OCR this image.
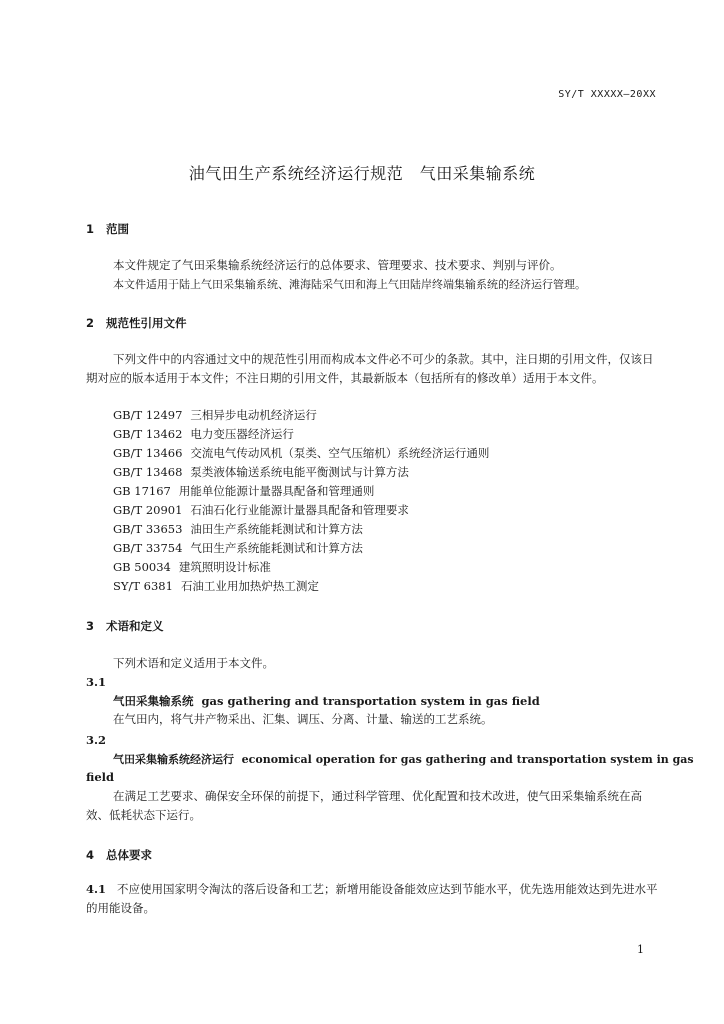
SY/T XXXXX—20XX
油气田生产系统经济运行规范　气田采集输系统
1 范围
本文件规定了气田采集输系统经济运行的总体要求、管理要求、技术要求、判别与评价。
本文件适用于陆上气田采集输系统、滩海陆采气田和海上气田陆岸终端集输系统的经济运行管理。
2 规范性引用文件
下列文件中的内容通过文中的规范性引用而构成本文件必不可少的条款。其中，注日期的引用文件，仅该日期对应的版本适用于本文件；不注日期的引用文件，其最新版本（包括所有的修改单）适用于本文件。
GB/T 12497 三相异步电动机经济运行
GB/T 13462 电力变压器经济运行
GB/T 13466 交流电气传动风机（泵类、空气压缩机）系统经济运行通则
GB/T 13468 泵类液体输送系统电能平衡测试与计算方法
GB 17167 用能单位能源计量器具配备和管理通则
GB/T 20901 石油石化行业能源计量器具配备和管理要求
GB/T 33653 油田生产系统能耗测试和计算方法
GB/T 33754 气田生产系统能耗测试和计算方法
GB 50034 建筑照明设计标准
SY/T 6381 石油工业用加热炉热工测定
3 术语和定义
下列术语和定义适用于本文件。
3.1
气田采集输系统 gas gathering and transportation system in gas field
在气田内，将气井产物采出、汇集、调压、分离、计量、输送的工艺系统。
3.2
气田采集输系统经济运行 economical operation for gas gathering and transportation system in gas
field
在满足工艺要求、确保安全环保的前提下，通过科学管理、优化配置和技术改进，使气田采集输系统在高效、低耗状态下运行。
4 总体要求
4.1 不应使用国家明令淘汰的落后设备和工艺；新增用能设备能效应达到节能水平，优先选用能效达到先进水平的用能设备。
1
